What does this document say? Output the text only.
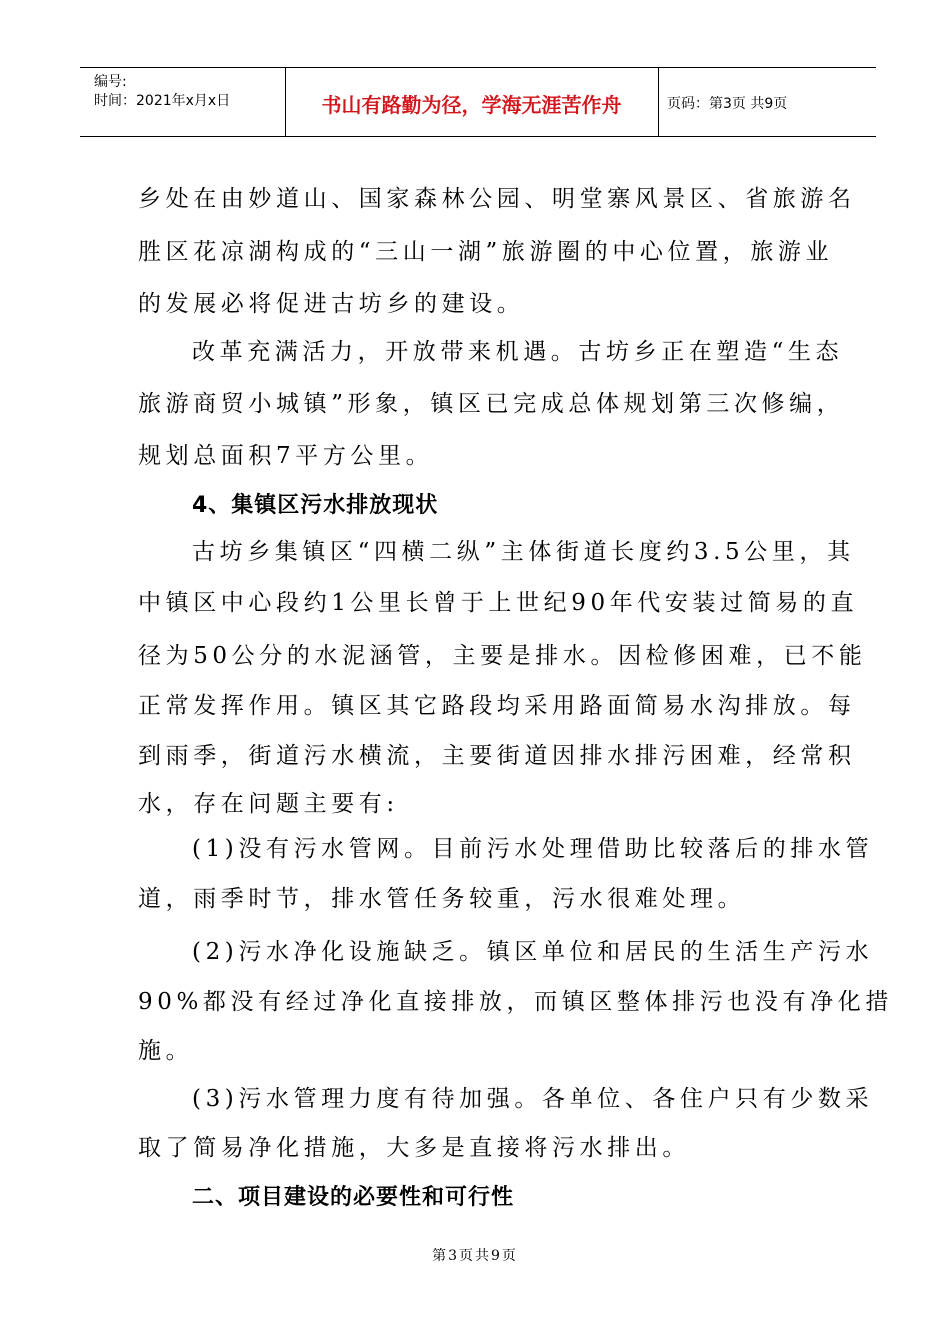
编号:
时间：2021年x月x日	书山有路勤为径，学海无涯苦作舟	页码：第3页 共9页
乡处在由妙道山、国家森林公园、明堂寨风景区、省旅游名
胜区花凉湖构成的“三山一湖”旅游圈的中心位置，旅游业
的发展必将促进古坊乡的建设。
改革充满活力，开放带来机遇。古坊乡正在塑造“生态
旅游商贸小城镇”形象，镇区已完成总体规划第三次修编，
规划总面积7平方公里。
4、集镇区污水排放现状
古坊乡集镇区“四横二纵”主体街道长度约3.5公里，其
中镇区中心段约1公里长曾于上世纪90年代安装过简易的直
径为50公分的水泥涵管，主要是排水。因检修困难，已不能
正常发挥作用。镇区其它路段均采用路面简易水沟排放。每
到雨季，街道污水横流，主要街道因排水排污困难，经常积
水，存在问题主要有:
(1)没有污水管网。目前污水处理借助比较落后的排水管
道，雨季时节，排水管任务较重，污水很难处理。
(2)污水净化设施缺乏。镇区单位和居民的生活生产污水
90%都没有经过净化直接排放，而镇区整体排污也没有净化措
施。
(3)污水管理力度有待加强。各单位、各住户只有少数采
取了简易净化措施，大多是直接将污水排出。
二、项目建设的必要性和可行性
第3页共9页
